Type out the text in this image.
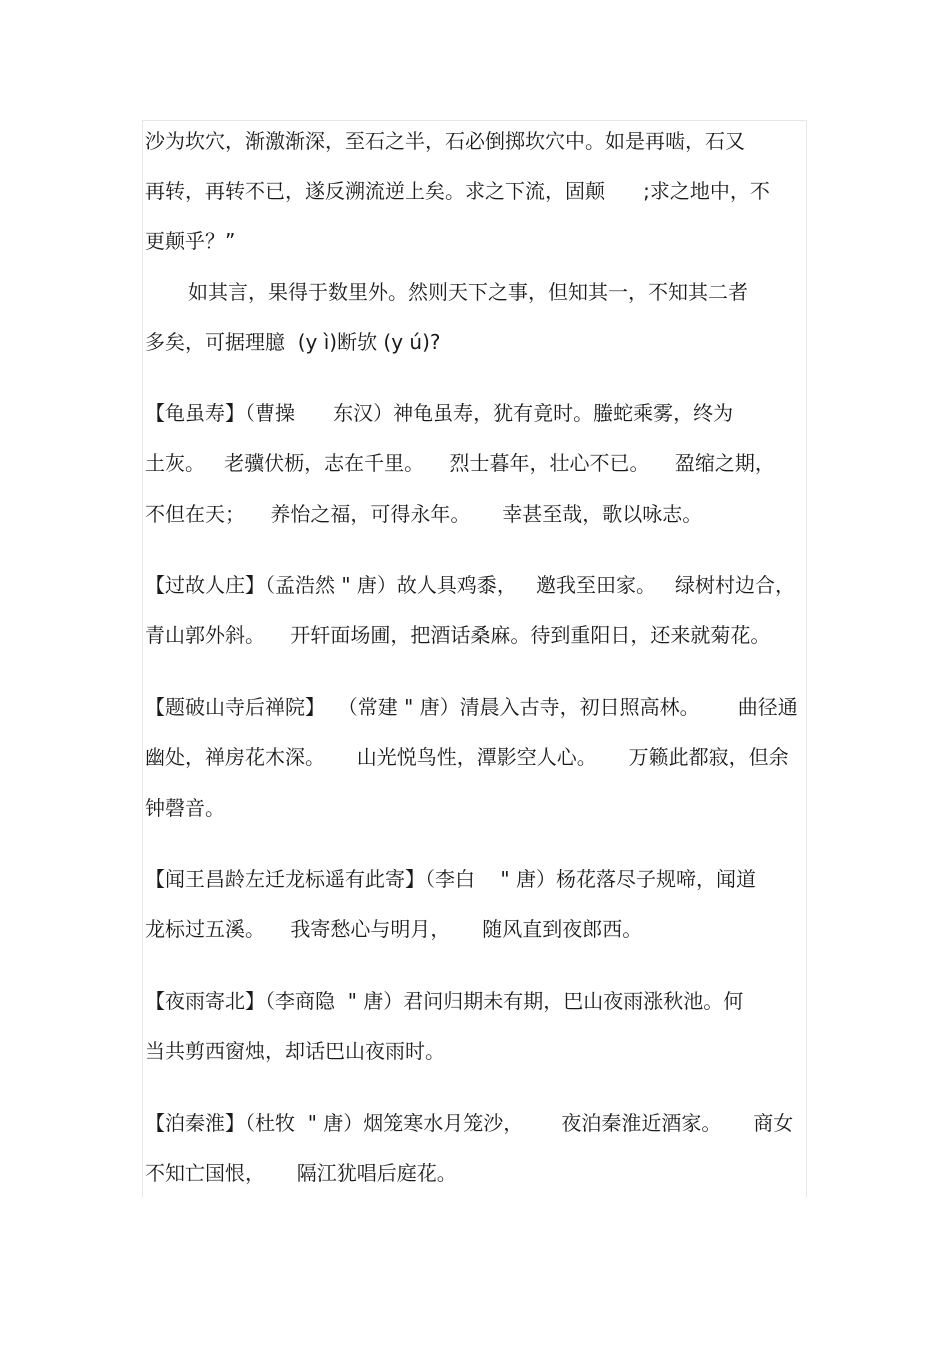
沙为坎穴，渐激渐深，至石之半，石必倒掷坎穴中。如是再啮，石又
再转，再转不已，遂反溯流逆上矣。求之下流，固颠      ;求之地中，不
更颠乎？”
如其言，果得于数里外。然则天下之事，但知其一，不知其二者
多矣，可据理臆  (y ì)断欤 (y ú)?
【龟虽寿】（曹操      东汉）神龟虽寿，犹有竟时。螣蛇乘雾，终为
土灰。   老骥伏枥，志在千里。    烈士暮年，壮心不已。    盈缩之期，
不但在天；    养怡之福，可得永年。     幸甚至哉，歌以咏志。
【过故人庄】（孟浩然 " 唐）故人具鸡黍，   邀我至田家。   绿树村边合，
青山郭外斜。    开轩面场圃，把酒话桑麻。待到重阳日，还来就菊花。
【题破山寺后禅院】  （常建 " 唐）清晨入古寺，初日照高林。      曲径通
幽处，禅房花木深。     山光悦鸟性，潭影空人心。     万籁此都寂，但余
钟磬音。
【闻王昌龄左迁龙标遥有此寄】（李白    " 唐）杨花落尽子规啼，闻道
龙标过五溪。    我寄愁心与明月，     随风直到夜郎西。
【夜雨寄北】（李商隐  " 唐）君问归期未有期，巴山夜雨涨秋池。何
当共剪西窗烛，却话巴山夜雨时。
【泊秦淮】（杜牧  " 唐）烟笼寒水月笼沙，      夜泊秦淮近酒家。     商女
不知亡国恨，     隔江犹唱后庭花。
